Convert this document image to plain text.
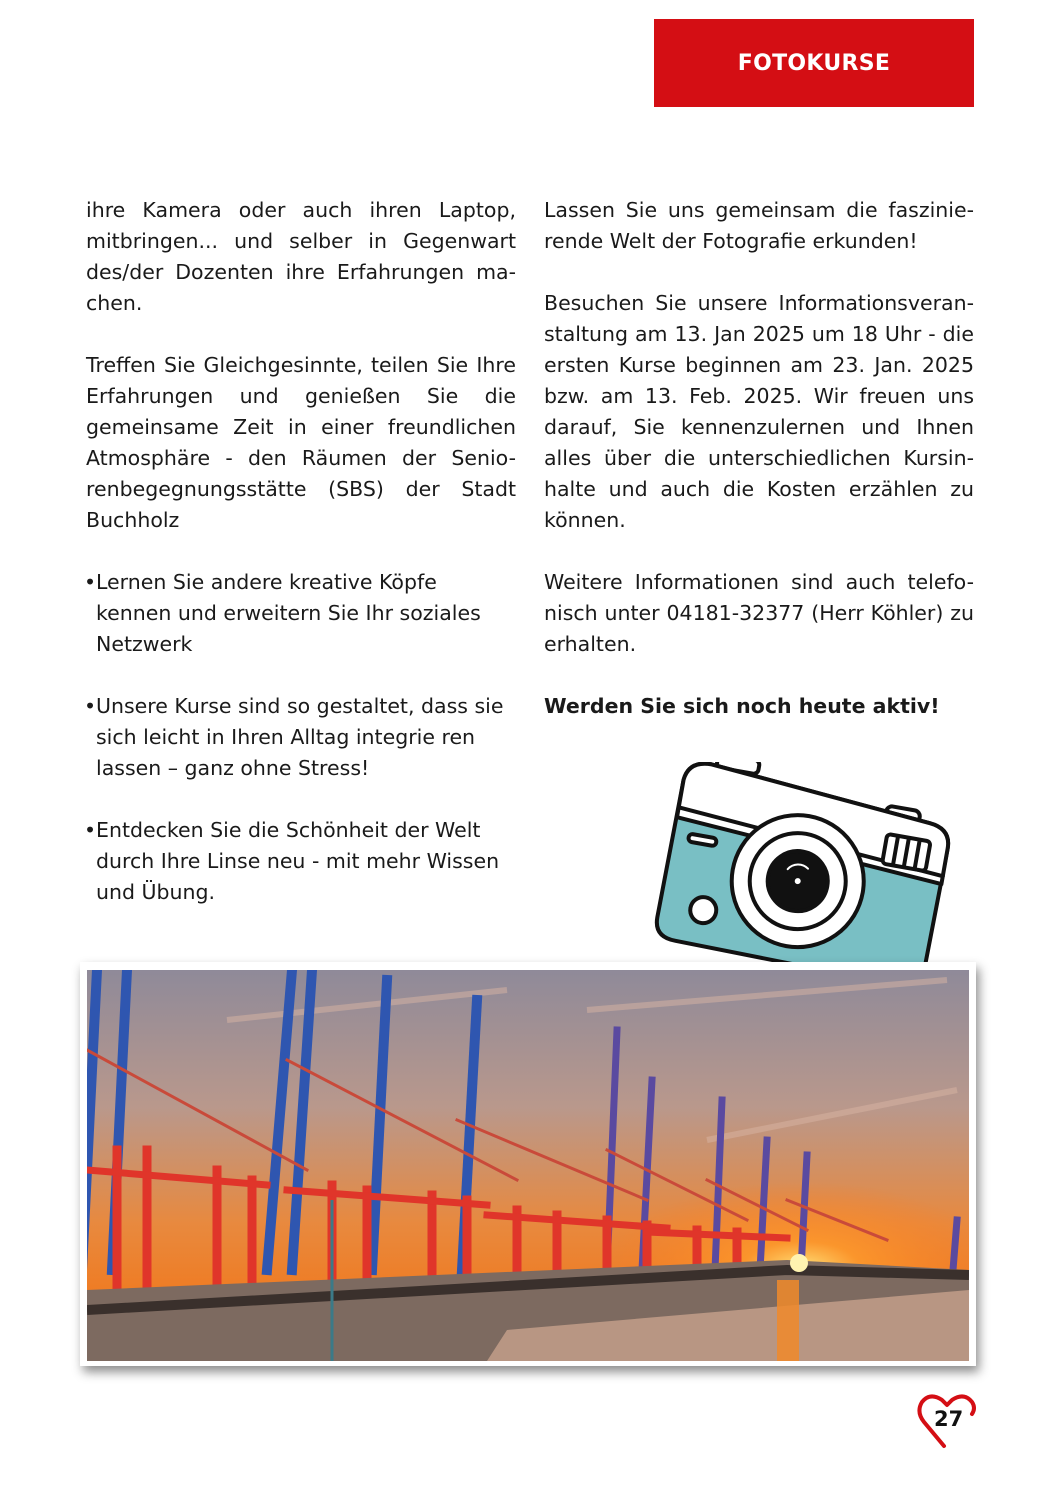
FOTOKURSE

ihre Kamera oder auch ihren Laptop, mitbringen... und selber in Gegenwart des/der Dozenten ihre Erfahrungen ma-chen.

Treffen Sie Gleichgesinnte, teilen Sie Ihre Erfahrungen und genießen Sie die gemeinsame Zeit in einer freundlichen Atmosphäre - den Räumen der Senio-renbegegnungsstätte (SBS) der Stadt Buchholz

• Lernen Sie andere kreative Köpfe kennen und erweitern Sie Ihr soziales Netzwerk
• Unsere Kurse sind so gestaltet, dass sie sich leicht in Ihren Alltag integrie ren lassen – ganz ohne Stress!
• Entdecken Sie die Schönheit der Welt durch Ihre Linse neu - mit mehr Wissen und Übung.

Lassen Sie uns gemeinsam die faszinie-rende Welt der Fotografie erkunden!

Besuchen Sie unsere Informationsveran-staltung am 13. Jan 2025 um 18 Uhr - die ersten Kurse beginnen am 23. Jan. 2025 bzw. am 13. Feb. 2025. Wir freuen uns darauf, Sie kennenzulernen und Ihnen alles über die unterschiedlichen Kursin-halte und auch die Kosten erzählen zu können.

Weitere Informationen sind auch telefo-nisch unter 04181-32377 (Herr Köhler) zu erhalten.

Werden Sie sich noch heute aktiv!

27
